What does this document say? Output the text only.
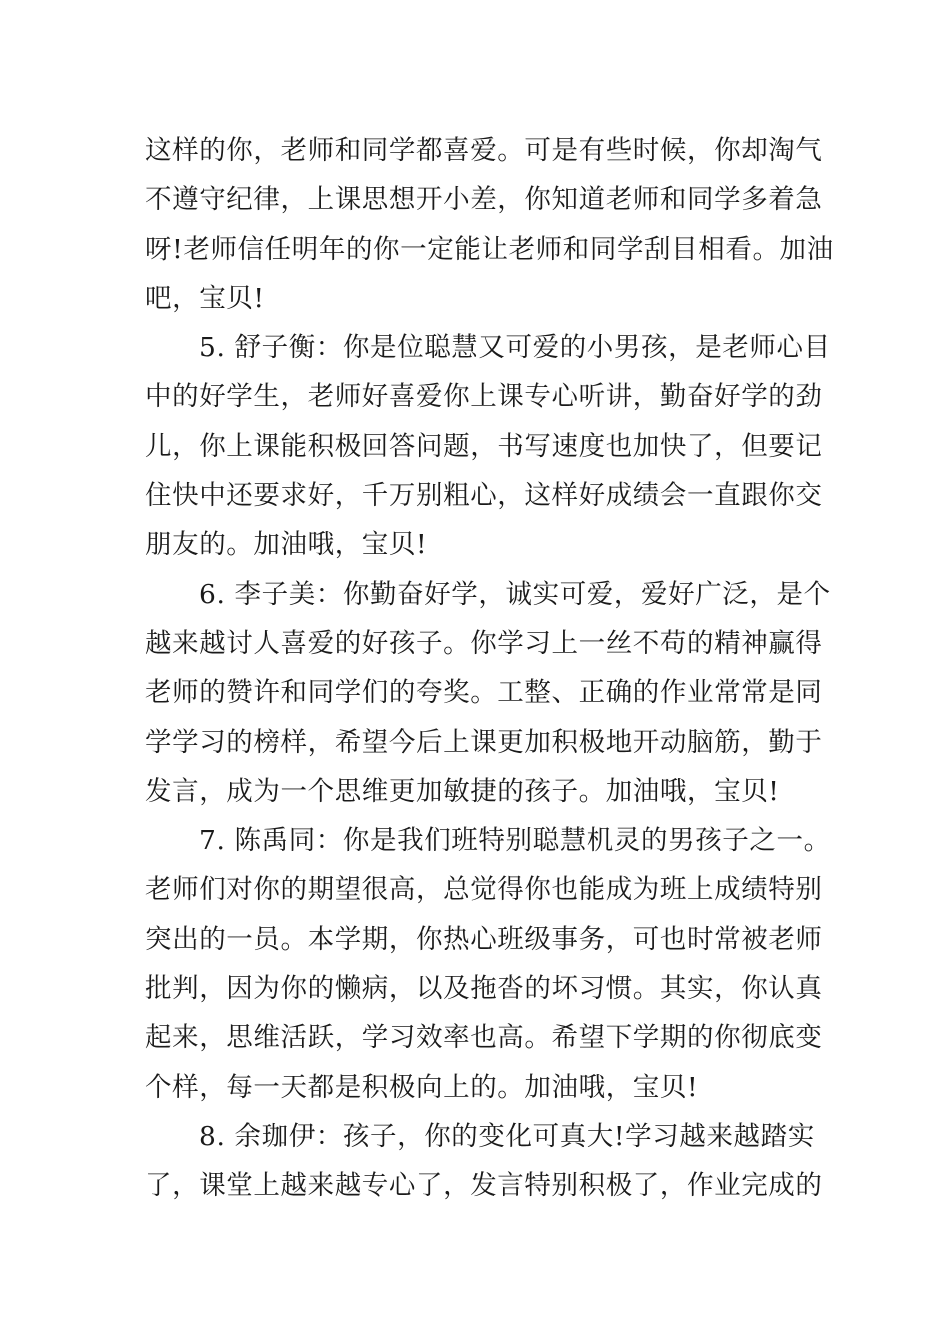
这样的你，老师和同学都喜爱。可是有些时候，你却淘气
不遵守纪律，上课思想开小差，你知道老师和同学多着急
呀!老师信任明年的你一定能让老师和同学刮目相看。加油
吧，宝贝!

5. 舒子衡：你是位聪慧又可爱的小男孩，是老师心目
中的好学生，老师好喜爱你上课专心听讲，勤奋好学的劲
儿，你上课能积极回答问题，书写速度也加快了，但要记
住快中还要求好，千万别粗心，这样好成绩会一直跟你交
朋友的。加油哦，宝贝!

6. 李子美：你勤奋好学，诚实可爱，爱好广泛，是个
越来越讨人喜爱的好孩子。你学习上一丝不苟的精神赢得
老师的赞许和同学们的夸奖。工整、正确的作业常常是同
学学习的榜样，希望今后上课更加积极地开动脑筋，勤于
发言，成为一个思维更加敏捷的孩子。加油哦，宝贝!

7. 陈禹同：你是我们班特别聪慧机灵的男孩子之一。
老师们对你的期望很高，总觉得你也能成为班上成绩特别
突出的一员。本学期，你热心班级事务，可也时常被老师
批判，因为你的懒病，以及拖沓的坏习惯。其实，你认真
起来，思维活跃，学习效率也高。希望下学期的你彻底变
个样，每一天都是积极向上的。加油哦，宝贝!

8. 余珈伊：孩子，你的变化可真大!学习越来越踏实
了，课堂上越来越专心了，发言特别积极了，作业完成的
